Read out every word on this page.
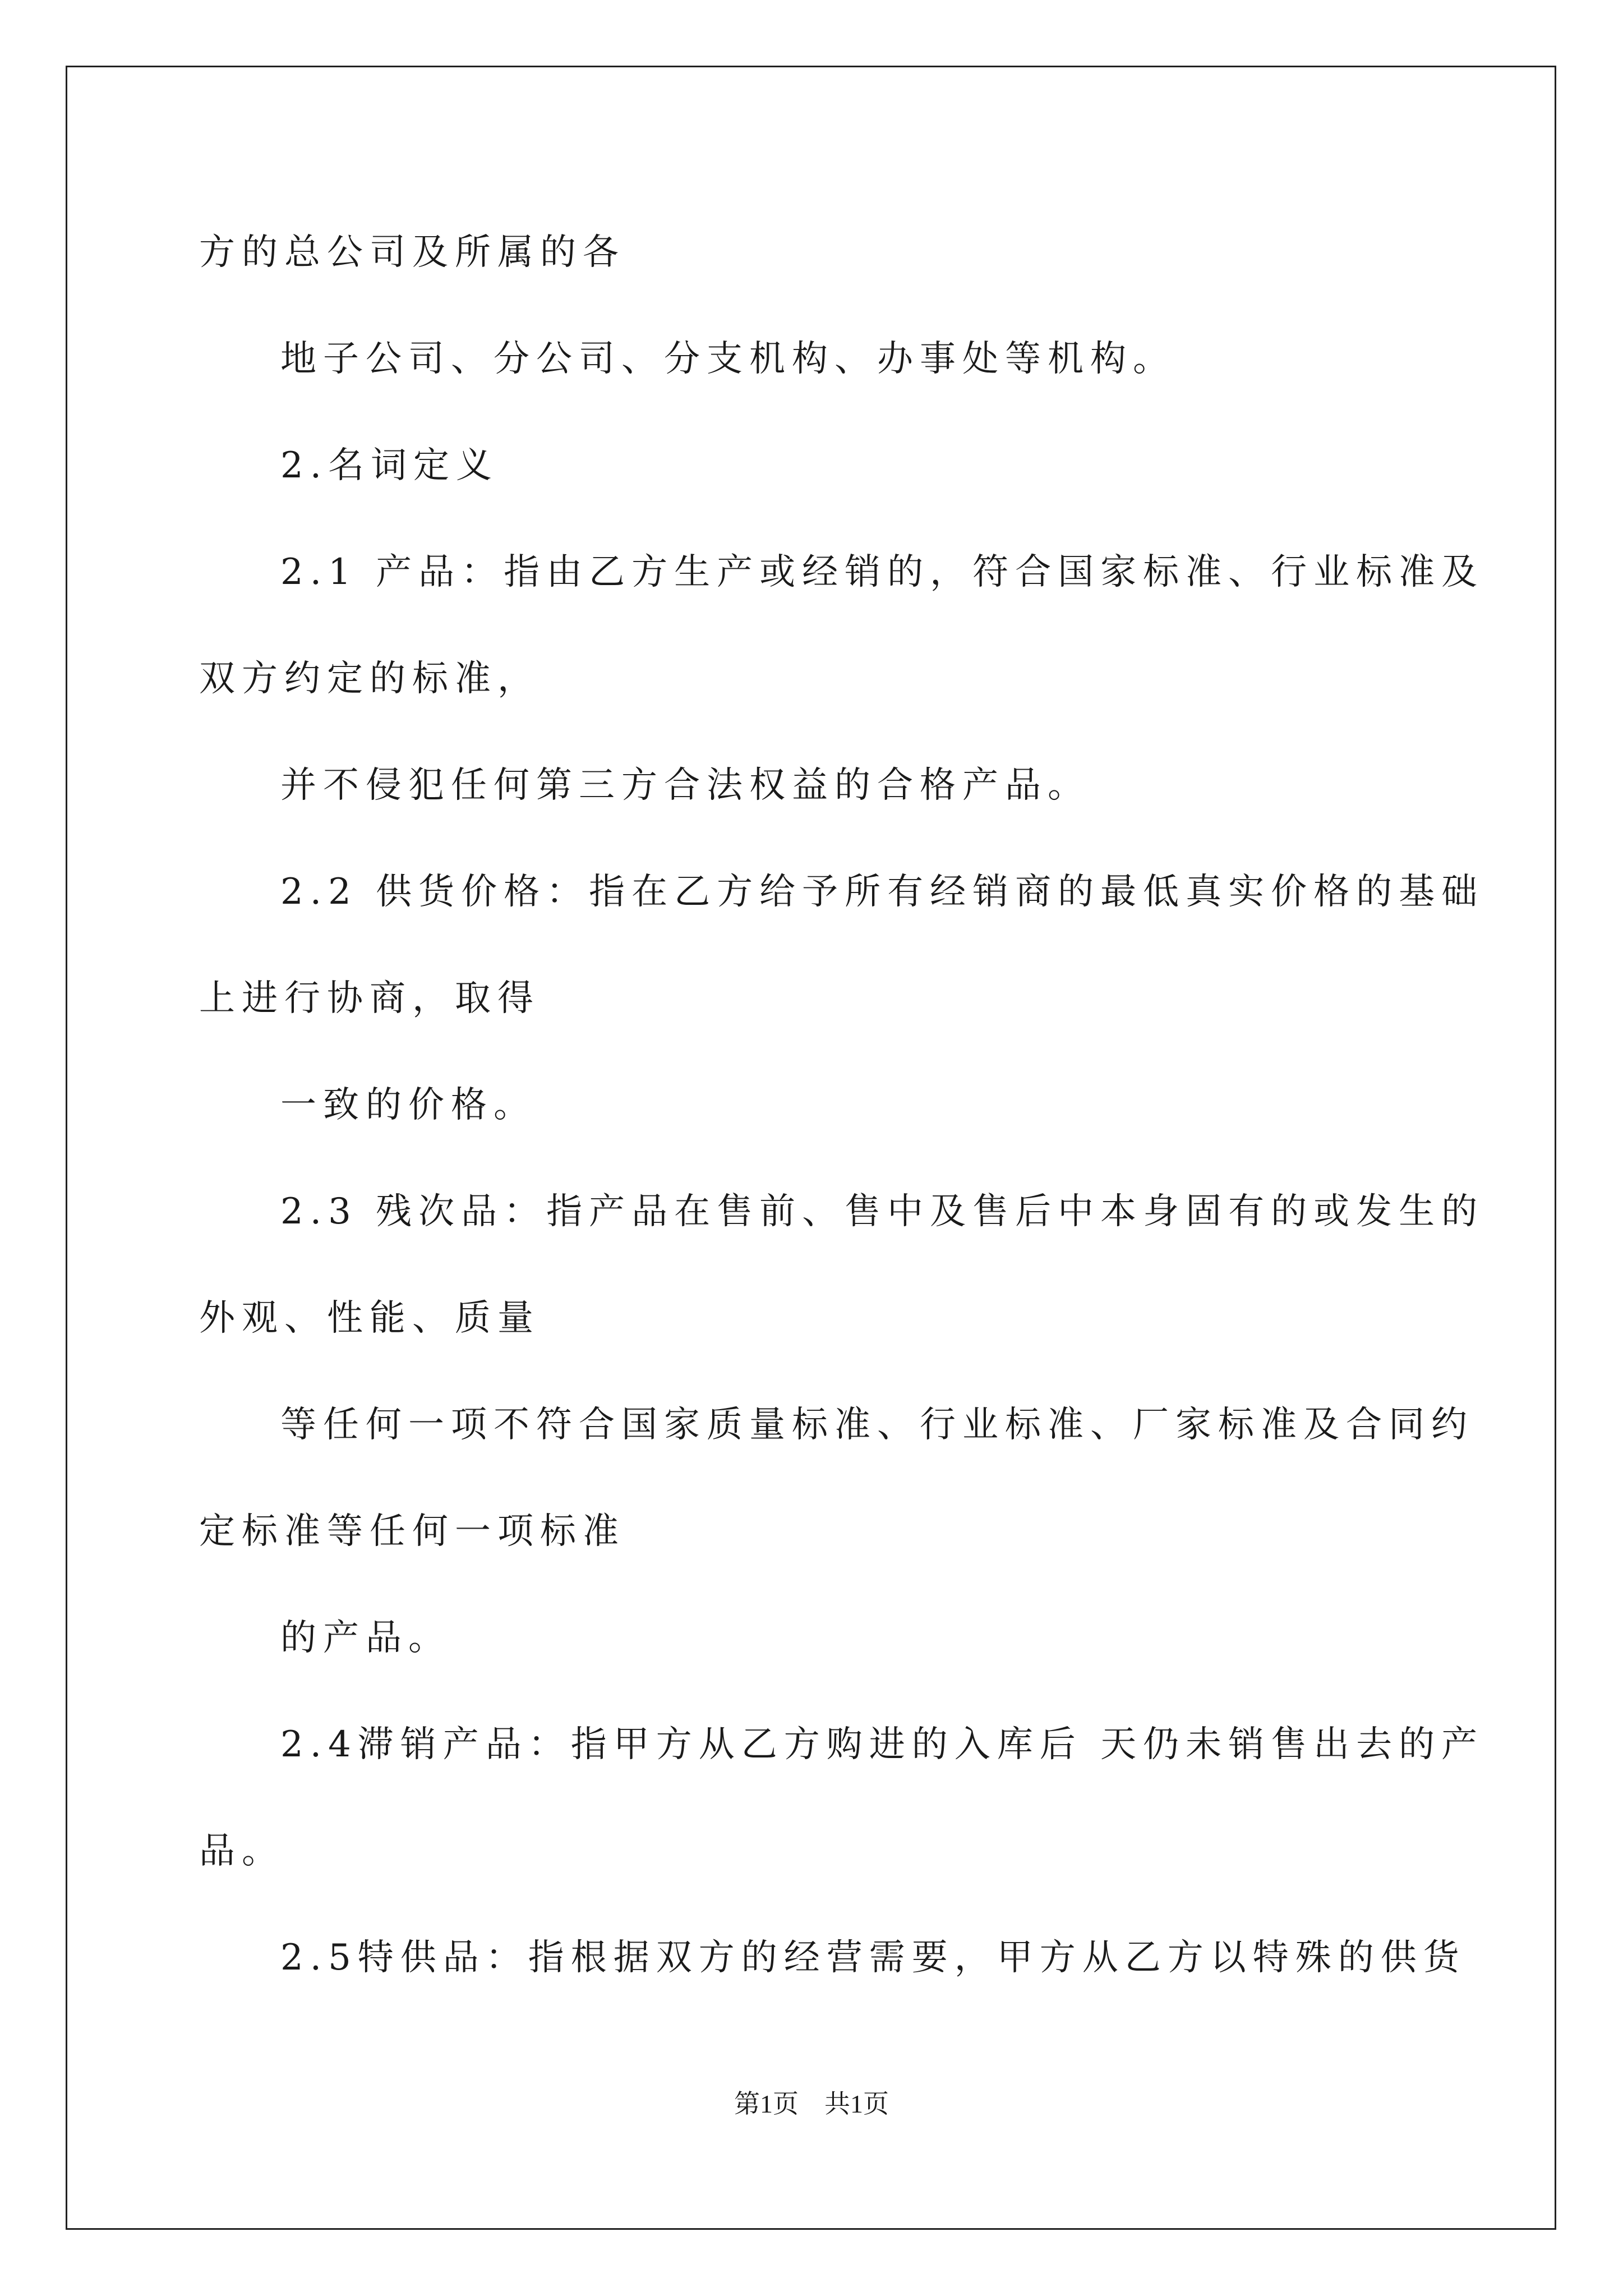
方的总公司及所属的各
地子公司、分公司、分支机构、办事处等机构。
2.名词定义
2.1 产品：指由乙方生产或经销的，符合国家标准、行业标准及
双方约定的标准，
并不侵犯任何第三方合法权益的合格产品。
2.2 供货价格：指在乙方给予所有经销商的最低真实价格的基础
上进行协商，取得
一致的价格。
2.3 残次品：指产品在售前、售中及售后中本身固有的或发生的
外观、性能、质量
等任何一项不符合国家质量标准、行业标准、厂家标准及合同约
定标准等任何一项标准
的产品。
2.4滞销产品：指甲方从乙方购进的入库后 天仍未销售出去的产
品。
2.5特供品：指根据双方的经营需要，甲方从乙方以特殊的供货
第1页　共1页
